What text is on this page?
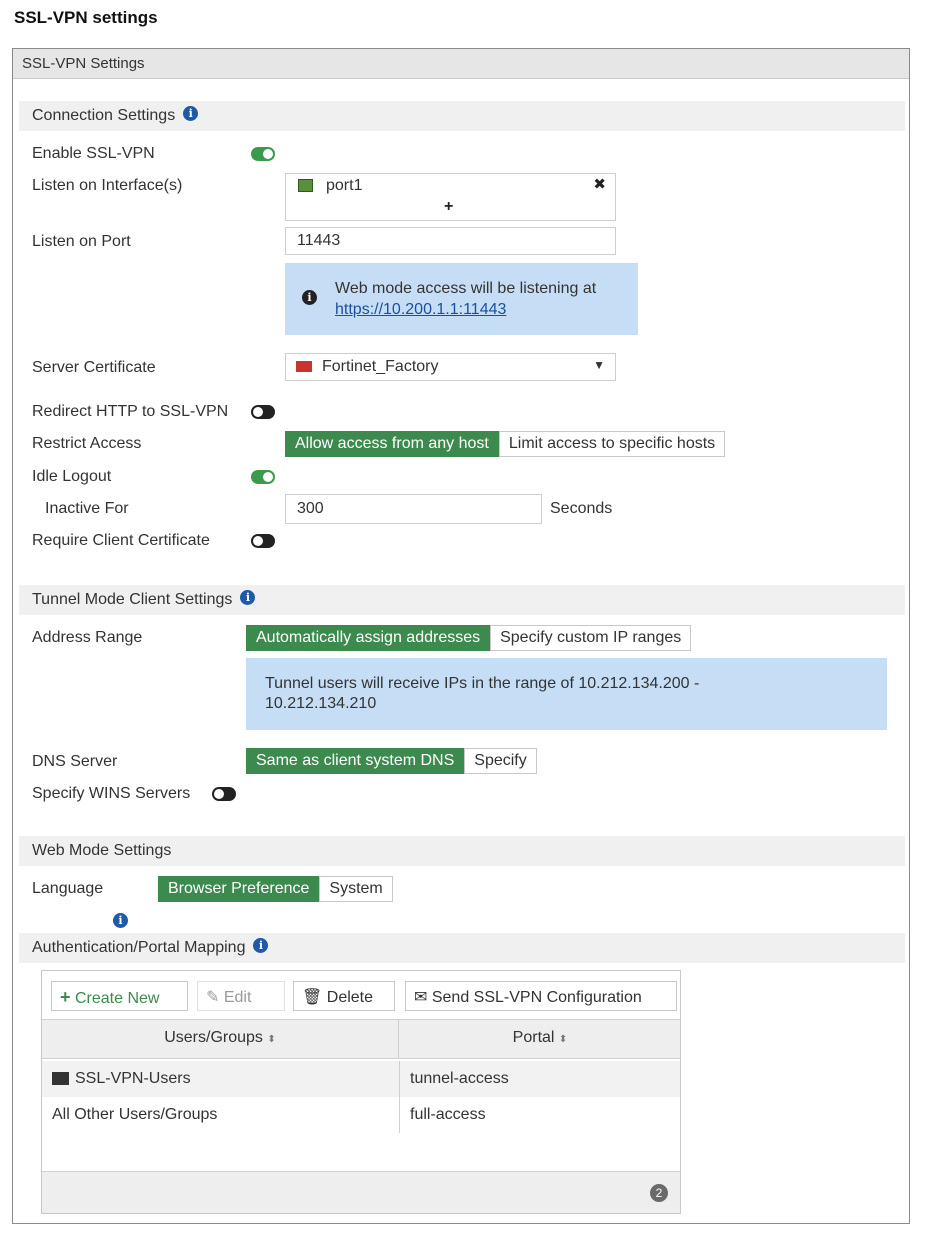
SSL-VPN settings
SSL-VPN Settings
Connection Settings i
Enable SSL-VPN
Listen on Interface(s)	port1	✖
+
Listen on Port	11443
i
Web mode access will be listening at
https://10.200.1.1:11443
Server Certificate	Fortinet_Factory	▼
Redirect HTTP to SSL-VPN
Restrict Access	Allow access from any host	Limit access to specific hosts
Idle Logout
Inactive For	300	Seconds
Require Client Certificate
Tunnel Mode Client Settings i
Address Range	Automatically assign addresses	Specify custom IP ranges
Tunnel users will receive IPs in the range of 10.212.134.200 -
10.212.134.210
DNS Server	Same as client system DNS	Specify
Specify WINS Servers
Web Mode Settings
Language
i
Browser Preference	System
Authentication/Portal Mapping i
+ Create New	✎ Edit	🗑 Delete	✉ Send SSL-VPN Configuration
Users/Groups ⬍	Portal ⬍
SSL-VPN-Users	tunnel-access
All Other Users/Groups	full-access
2
